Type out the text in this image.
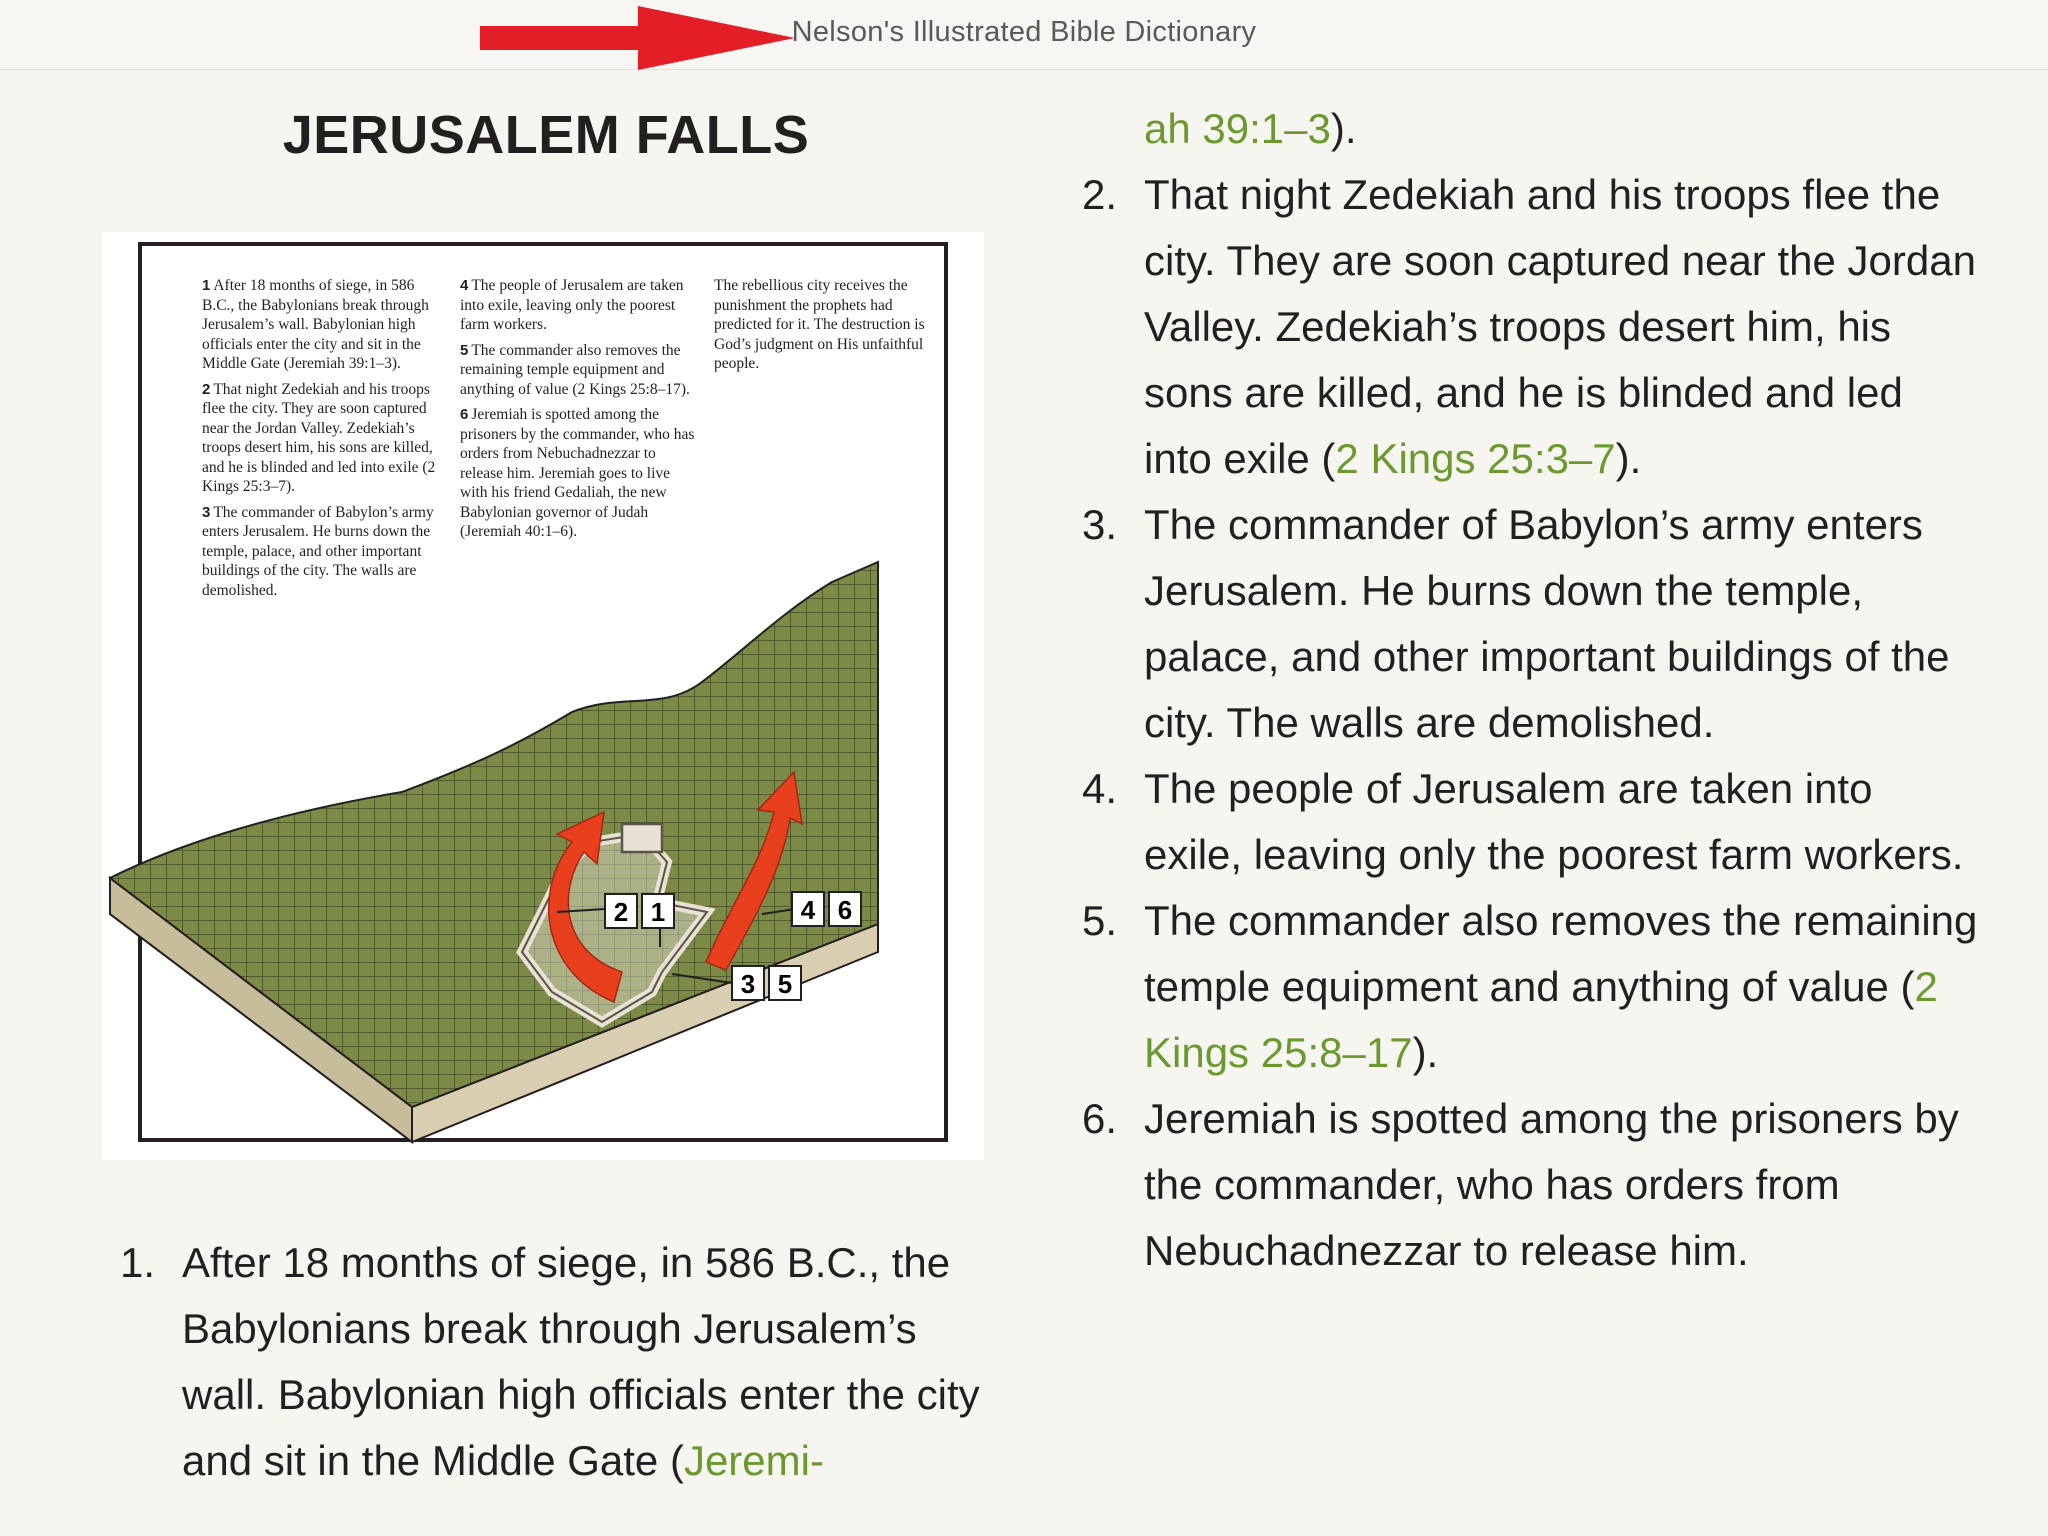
Nelson's Illustrated Bible Dictionary
JERUSALEM FALLS

1 After 18 months of siege, in 586 B.C., the Babylonians break through Jerusalem’s wall. Babylonian high officials enter the city and sit in the Middle Gate (Jeremiah 39:1–3).

2 That night Zedekiah and his troops flee the city. They are soon captured near the Jordan Valley. Zedekiah’s troops desert him, his sons are killed, and he is blinded and led into exile (2 Kings 25:3–7).

3 The commander of Babylon’s army enters Jerusalem. He burns down the temple, palace, and other important buildings of the city. The walls are demolished.

4 The people of Jerusalem are taken into exile, leaving only the poorest farm workers.

5 The commander also removes the remaining temple equipment and anything of value (2 Kings 25:8–17).

6 Jeremiah is spotted among the prisoners by the commander, who has orders from Nebuchadnezzar to release him. Jeremiah goes to live with his friend Gedaliah, the new Babylonian governor of Judah (Jeremiah 40:1–6).

The rebellious city receives the punishment the prophets had predicted for it. The destruction is God’s judgment on His unfaithful people.

2 1	4 6
3 5
1. After 18 months of siege, in 586 B.C., the Babylonians break through Jerusalem’s wall. Babylonian high officials enter the city and sit in the Middle Gate (Jeremi-
ah 39:1–3).
2. That night Zedekiah and his troops flee the city. They are soon captured near the Jordan Valley. Zedekiah’s troops desert him, his sons are killed, and he is blinded and led into exile (2 Kings 25:3–7).
3. The commander of Babylon’s army enters Jerusalem. He burns down the temple, palace, and other important buildings of the city. The walls are demolished.
4. The people of Jerusalem are taken into exile, leaving only the poorest farm workers.
5. The commander also removes the remaining temple equipment and anything of value (2 Kings 25:8–17).
6. Jeremiah is spotted among the prisoners by the commander, who has orders from Nebuchadnezzar to release him.
